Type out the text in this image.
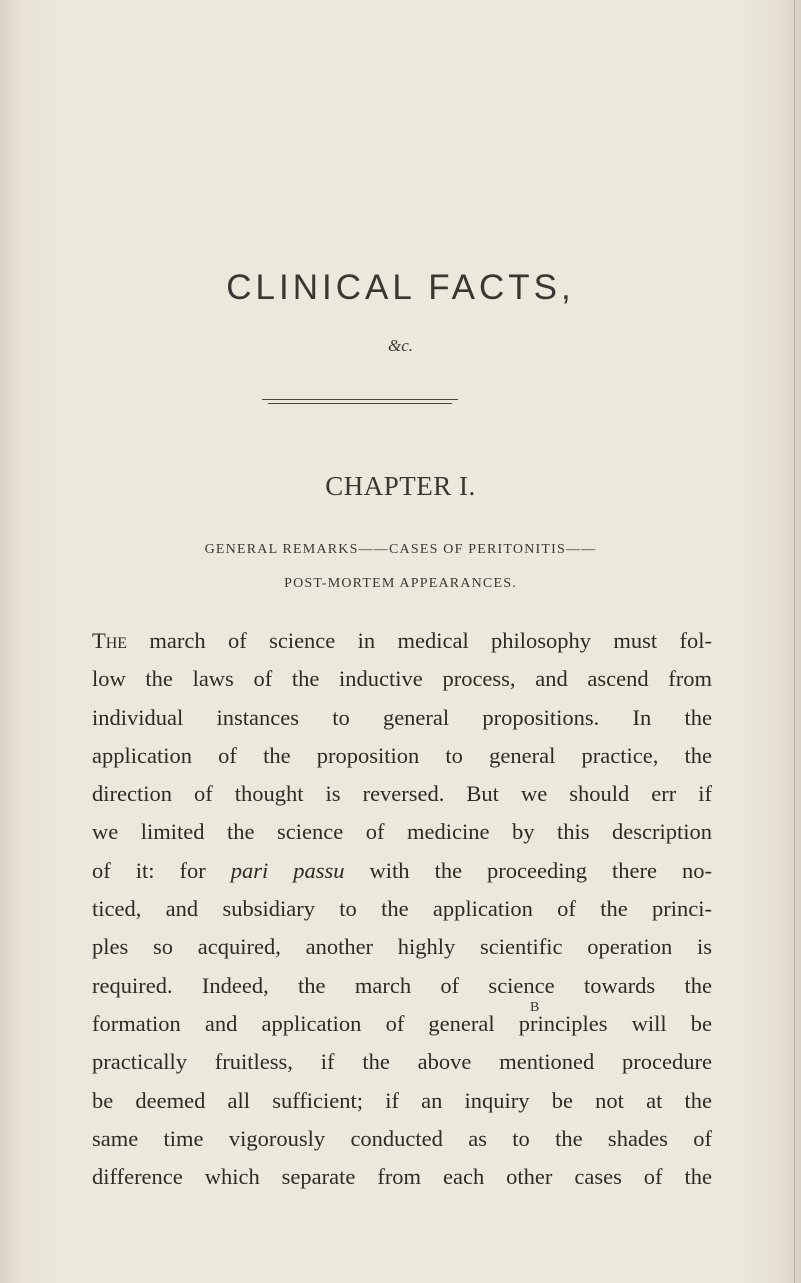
CLINICAL FACTS,
&c.
CHAPTER I.
GENERAL REMARKS——CASES OF PERITONITIS——
POST-MORTEM APPEARANCES.
The march of science in medical philosophy must fol-
low the laws of the inductive process, and ascend from
individual instances to general propositions. In the
application of the proposition to general practice, the
direction of thought is reversed. But we should err if
we limited the science of medicine by this description
of it: for pari passu with the proceeding there no-
ticed, and subsidiary to the application of the princi-
ples so acquired, another highly scientific operation is
required. Indeed, the march of science towards the
formation and application of general principles will be
practically fruitless, if the above mentioned procedure
be deemed all sufficient; if an inquiry be not at the
same time vigorously conducted as to the shades of
difference which separate from each other cases of the
B
